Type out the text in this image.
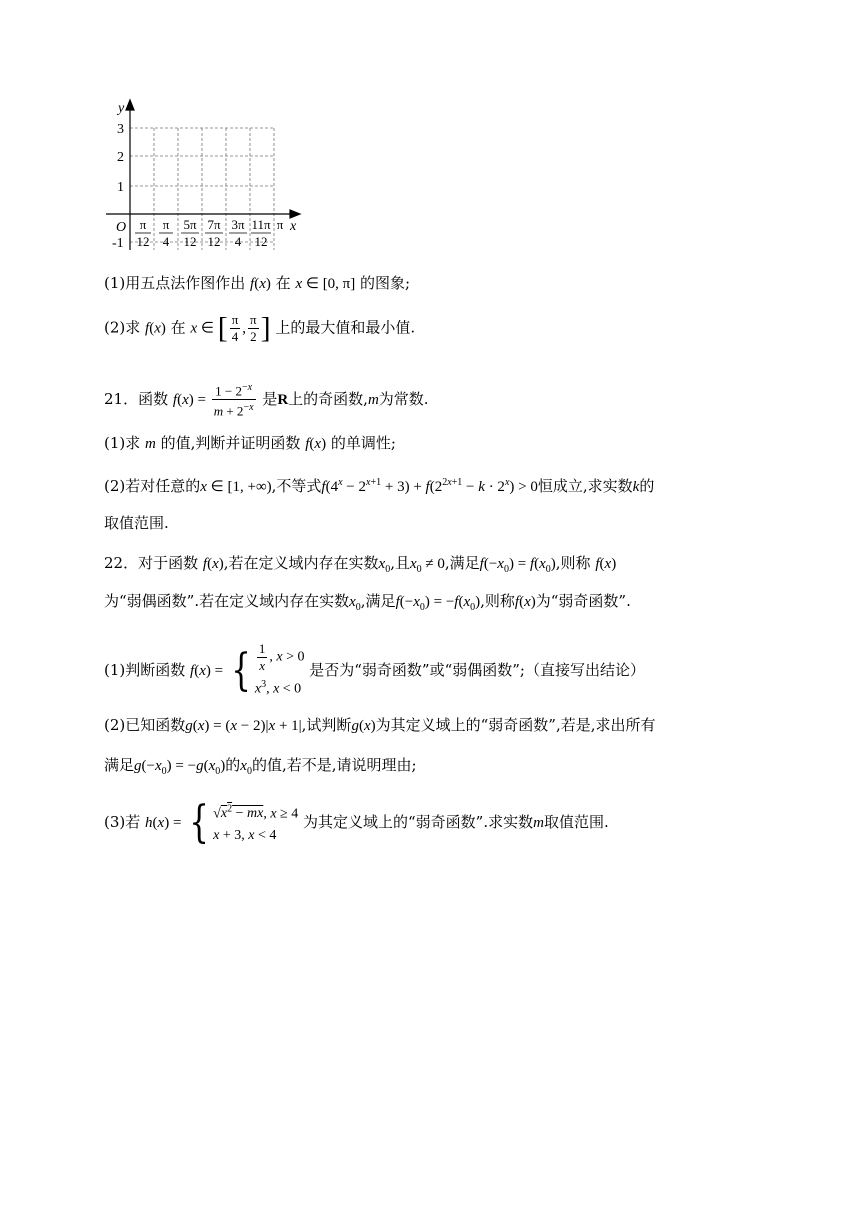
y
x
O
3
2
1
-1
π
12
π
4
5π
12
7π
12
3π
4
11π
12
π
(1)用五点法作图作出 f(x) 在 x ∈ [0, π] 的图象;
(2)求 f(x) 在 x ∈ [ $\frac{\pi}{4}$ , $\frac{\pi}{2}$ ] 上的最大值和最小值.
21．函数 $f(x) = \frac{1 - 2^{-x}}{m + 2^{-x}}$ 是R上的奇函数,m为常数.
(1)求 m 的值,判断并证明函数 f(x) 的单调性;
(2)若对任意的x ∈ [1, +∞),不等式$f(4^x - 2^{x+1} + 3) + f(2^{2x+1} - k \cdot 2^x) > 0$恒成立,求实数k的
取值范围.
22．对于函数 f(x),若在定义域内存在实数$x_0$,且$x_0 \ne 0$,满足$f(-x_0) = f(x_0)$,则称 f(x)
为“弱偶函数”.若在定义域内存在实数$x_0$,满足$f(-x_0) = -f(x_0)$,则称f(x)为“弱奇函数”.
(1)判断函数 f(x) = { $\frac{1}{x}$ , x > 0
$x^3$, x < 0
是否为“弱奇函数”或“弱偶函数”;（直接写出结论）
(2)已知函数g(x) = (x − 2)|x + 1|,试判断g(x)为其定义域上的“弱奇函数”,若是,求出所有
满足$g(-x_0) = -g(x_0)$的$x_0$的值,若不是,请说明理由;
(3)若 h(x) = { $√x^2$ − mx, x ≥ 4
x + 3, x < 4
为其定义域上的“弱奇函数”.求实数m取值范围.
